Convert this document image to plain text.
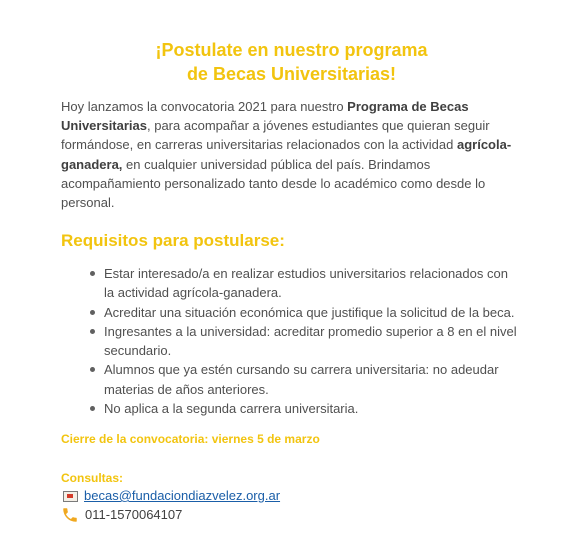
¡Postulate en nuestro programa
de Becas Universitarias!
Hoy lanzamos la convocatoria 2021 para nuestro Programa de Becas Universitarias, para acompañar a jóvenes estudiantes que quieran seguir formándose, en carreras universitarias relacionados con la actividad agrícola-ganadera, en cualquier universidad pública del país. Brindamos acompañamiento personalizado tanto desde lo académico como desde lo personal.
Requisitos para postularse:
Estar interesado/a en realizar estudios universitarios relacionados con la actividad agrícola-ganadera.
Acreditar una situación económica que justifique la solicitud de la beca.
Ingresantes a la universidad: acreditar promedio superior a 8 en el nivel secundario.
Alumnos que ya estén cursando su carrera universitaria: no adeudar materias de años anteriores.
No aplica a la segunda carrera universitaria.
Cierre de la convocatoria: viernes 5 de marzo
Consultas:
becas@fundaciondiazvelez.org.ar
011-1570064107
